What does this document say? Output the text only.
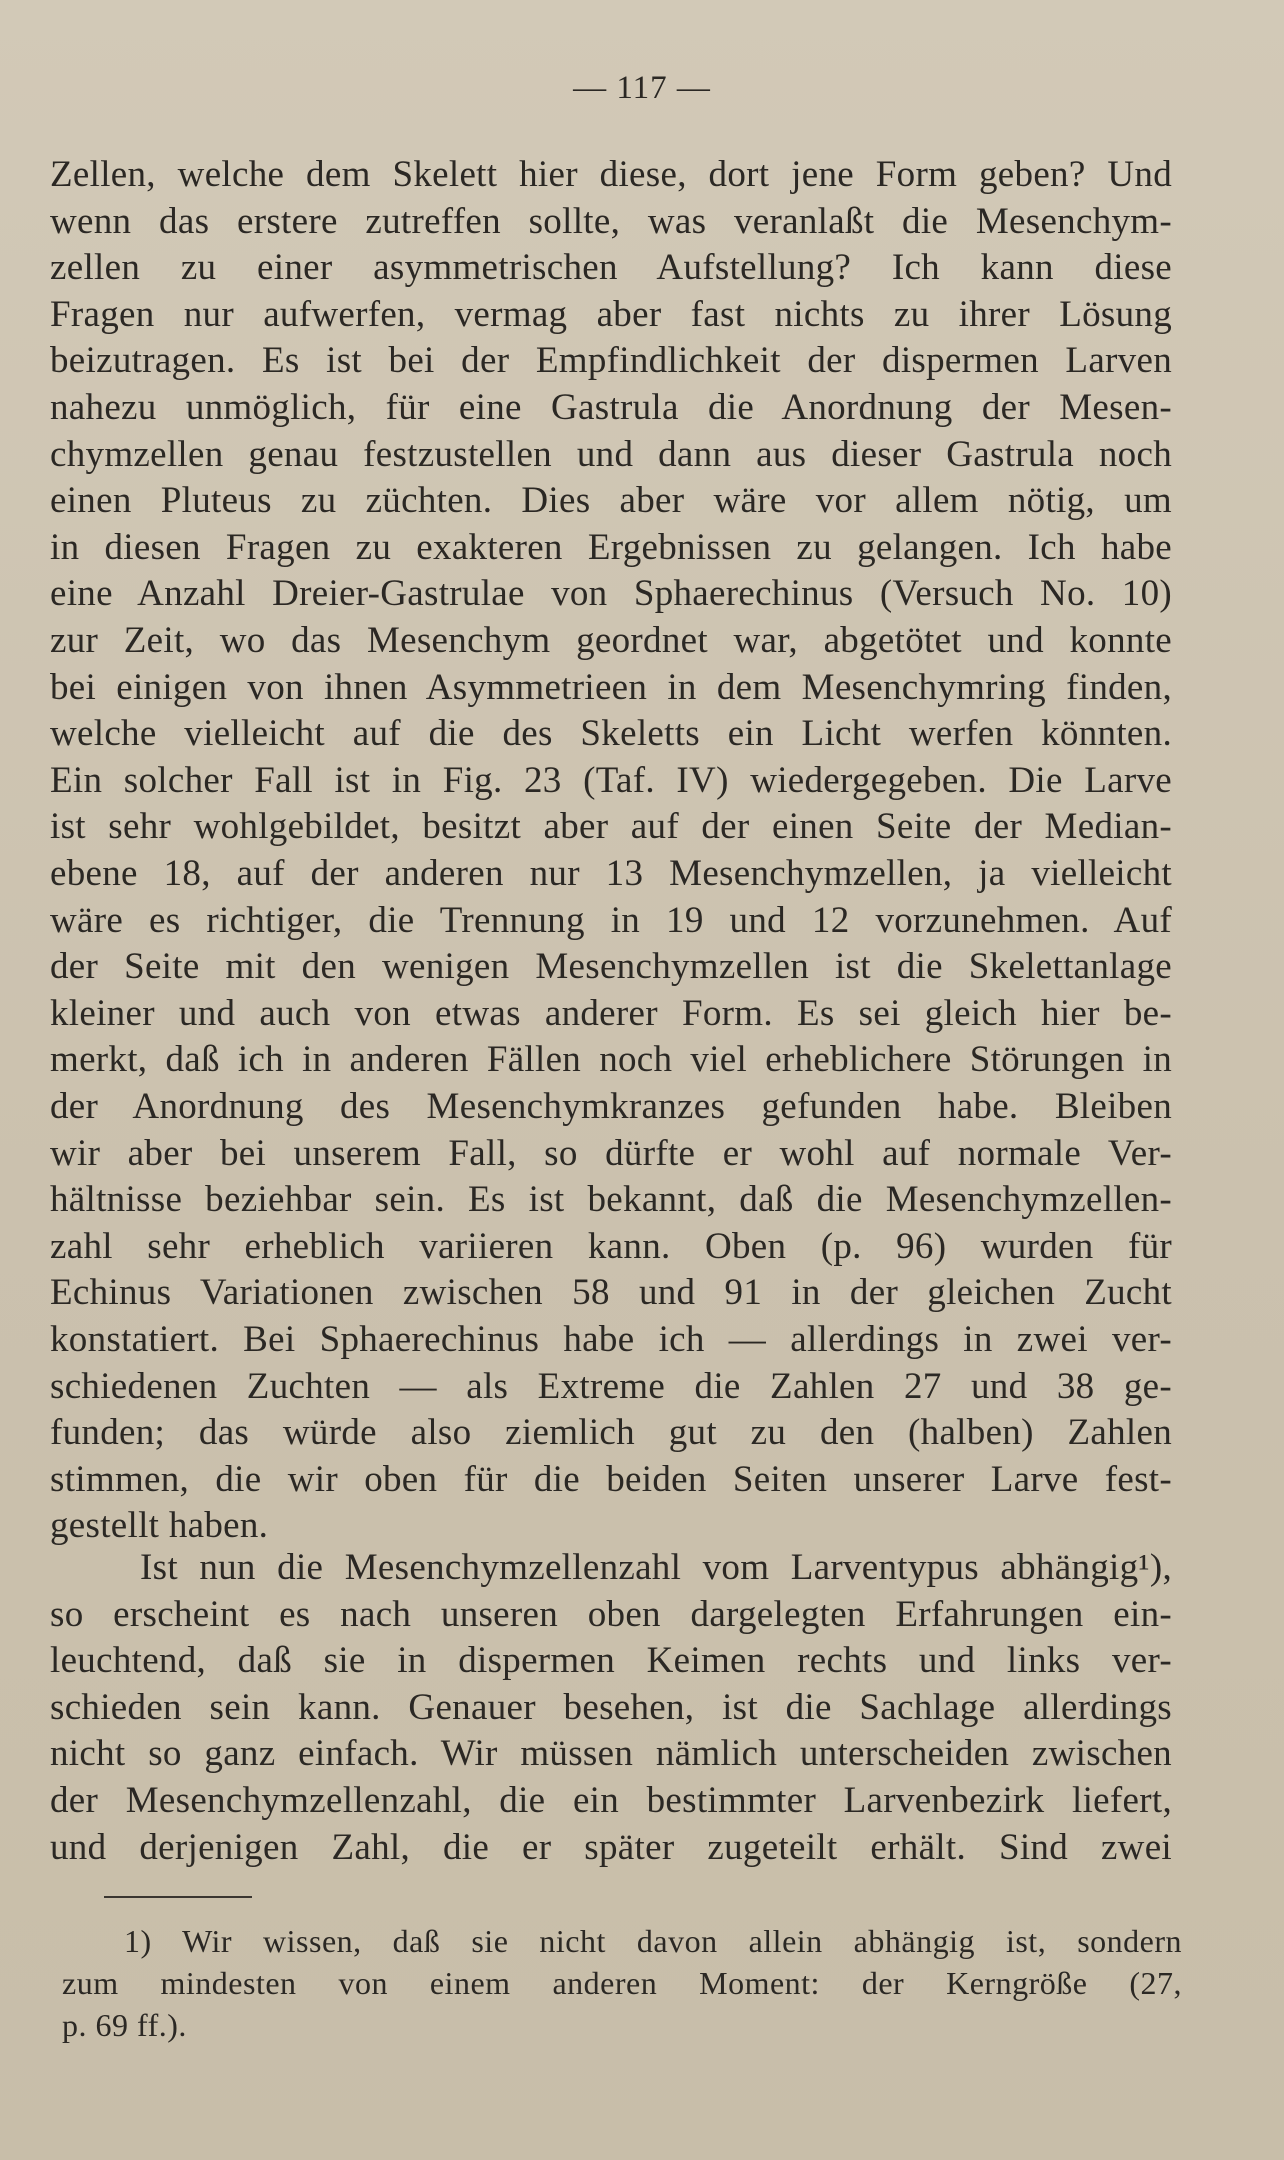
— 117 —
Zellen, welche dem Skelett hier diese, dort jene Form geben? Und
wenn das erstere zutreffen sollte, was veranlaßt die Mesenchym-
zellen zu einer asymmetrischen Aufstellung? Ich kann diese
Fragen nur aufwerfen, vermag aber fast nichts zu ihrer Lösung
beizutragen. Es ist bei der Empfindlichkeit der dispermen Larven
nahezu unmöglich, für eine Gastrula die Anordnung der Mesen-
chymzellen genau festzustellen und dann aus dieser Gastrula noch
einen Pluteus zu züchten. Dies aber wäre vor allem nötig, um
in diesen Fragen zu exakteren Ergebnissen zu gelangen. Ich habe
eine Anzahl Dreier-Gastrulae von Sphaerechinus (Versuch No. 10)
zur Zeit, wo das Mesenchym geordnet war, abgetötet und konnte
bei einigen von ihnen Asymmetrieen in dem Mesenchymring finden,
welche vielleicht auf die des Skeletts ein Licht werfen könnten.
Ein solcher Fall ist in Fig. 23 (Taf. IV) wiedergegeben. Die Larve
ist sehr wohlgebildet, besitzt aber auf der einen Seite der Median-
ebene 18, auf der anderen nur 13 Mesenchymzellen, ja vielleicht
wäre es richtiger, die Trennung in 19 und 12 vorzunehmen. Auf
der Seite mit den wenigen Mesenchymzellen ist die Skelettanlage
kleiner und auch von etwas anderer Form. Es sei gleich hier be-
merkt, daß ich in anderen Fällen noch viel erheblichere Störungen in
der Anordnung des Mesenchymkranzes gefunden habe. Bleiben
wir aber bei unserem Fall, so dürfte er wohl auf normale Ver-
hältnisse beziehbar sein. Es ist bekannt, daß die Mesenchymzellen-
zahl sehr erheblich variieren kann. Oben (p. 96) wurden für
Echinus Variationen zwischen 58 und 91 in der gleichen Zucht
konstatiert. Bei Sphaerechinus habe ich — allerdings in zwei ver-
schiedenen Zuchten — als Extreme die Zahlen 27 und 38 ge-
funden; das würde also ziemlich gut zu den (halben) Zahlen
stimmen, die wir oben für die beiden Seiten unserer Larve fest-
gestellt haben.
Ist nun die Mesenchymzellenzahl vom Larventypus abhängig¹),
so erscheint es nach unseren oben dargelegten Erfahrungen ein-
leuchtend, daß sie in dispermen Keimen rechts und links ver-
schieden sein kann. Genauer besehen, ist die Sachlage allerdings
nicht so ganz einfach. Wir müssen nämlich unterscheiden zwischen
der Mesenchymzellenzahl, die ein bestimmter Larvenbezirk liefert,
und derjenigen Zahl, die er später zugeteilt erhält. Sind zwei
1) Wir wissen, daß sie nicht davon allein abhängig ist, sondern
zum mindesten von einem anderen Moment: der Kerngröße (27,
p. 69 ff.).
